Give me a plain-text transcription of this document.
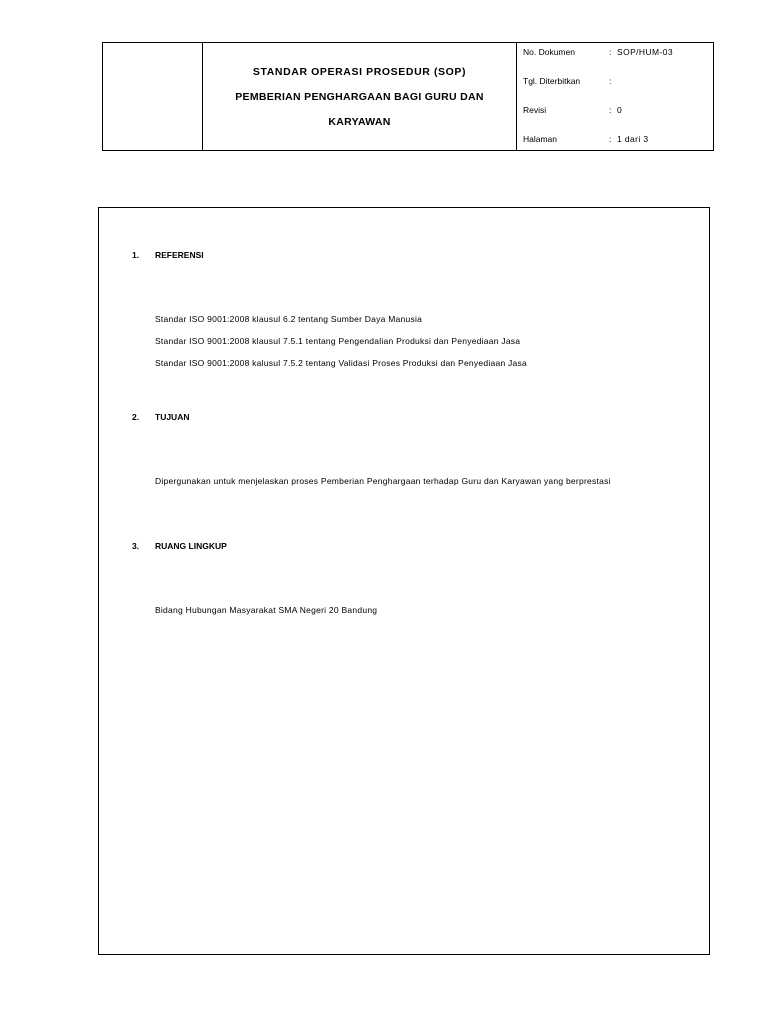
STANDAR OPERASI PROSEDUR (SOP)
PEMBERIAN PENGHARGAAN BAGI GURU DAN
KARYAWAN
No. Dokumen	: SOP/HUM-03
Tgl. Diterbitkan	:
Revisi	: 0
Halaman	: 1 dari 3
1. REFERENSI
Standar ISO 9001:2008 klausul 6.2 tentang Sumber Daya Manusia
Standar ISO 9001:2008 klausul 7.5.1 tentang Pengendalian Produksi dan Penyediaan Jasa
Standar ISO 9001:2008 kalusul 7.5.2 tentang Validasi Proses Produksi dan Penyediaan Jasa
2. TUJUAN
Dipergunakan untuk menjelaskan proses Pemberian Penghargaan terhadap Guru dan Karyawan yang berprestasi
3. RUANG LINGKUP
Bidang Hubungan Masyarakat SMA Negeri 20 Bandung
